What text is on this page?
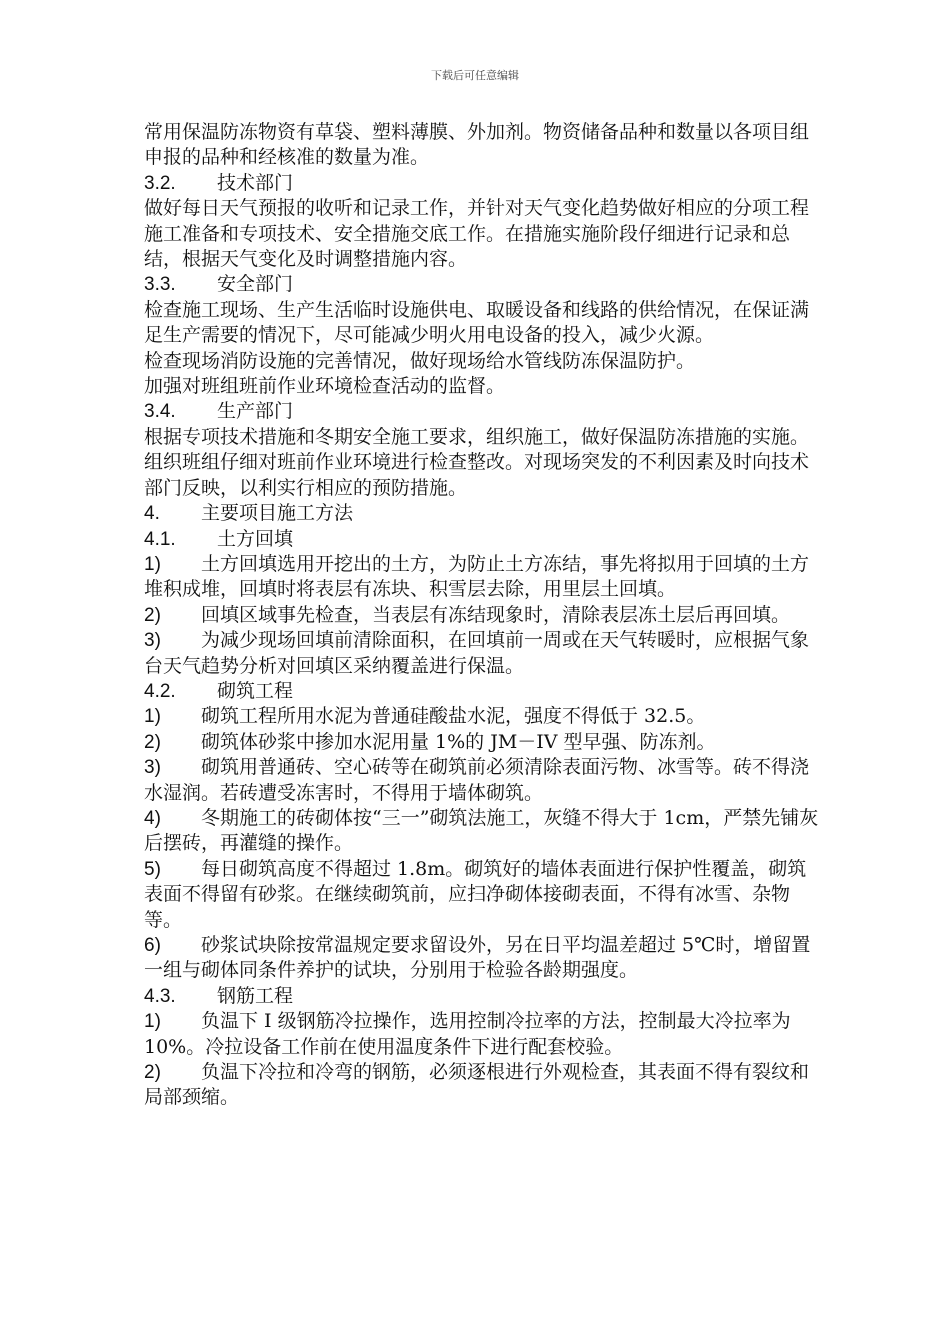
下载后可任意编辑

常用保温防冻物资有草袋、塑料薄膜、外加剂。物资储备品种和数量以各项目组申报的品种和经核准的数量为准。

3.2. 技术部门

做好每日天气预报的收听和记录工作，并针对天气变化趋势做好相应的分项工程施工准备和专项技术、安全措施交底工作。在措施实施阶段仔细进行记录和总结，根据天气变化及时调整措施内容。

3.3. 安全部门

检查施工现场、生产生活临时设施供电、取暖设备和线路的供给情况，在保证满足生产需要的情况下，尽可能减少明火用电设备的投入，减少火源。

检查现场消防设施的完善情况，做好现场给水管线防冻保温防护。

加强对班组班前作业环境检查活动的监督。

3.4. 生产部门

根据专项技术措施和冬期安全施工要求，组织施工，做好保温防冻措施的实施。

组织班组仔细对班前作业环境进行检查整改。对现场突发的不利因素及时向技术部门反映，以利实行相应的预防措施。

4. 主要项目施工方法

4.1. 土方回填

1) 土方回填选用开挖出的土方，为防止土方冻结，事先将拟用于回填的土方堆积成堆，回填时将表层有冻块、积雪层去除，用里层土回填。

2) 回填区域事先检查，当表层有冻结现象时，清除表层冻土层后再回填。

3) 为减少现场回填前清除面积，在回填前一周或在天气转暖时，应根据气象台天气趋势分析对回填区采纳覆盖进行保温。

4.2. 砌筑工程

1) 砌筑工程所用水泥为普通硅酸盐水泥，强度不得低于 32.5。

2) 砌筑体砂浆中掺加水泥用量 1%的 JM－IV 型早强、防冻剂。

3) 砌筑用普通砖、空心砖等在砌筑前必须清除表面污物、冰雪等。砖不得浇水湿润。若砖遭受冻害时，不得用于墙体砌筑。

4) 冬期施工的砖砌体按“三一”砌筑法施工，灰缝不得大于 1cm，严禁先铺灰后摆砖，再灌缝的操作。

5) 每日砌筑高度不得超过 1.8m。砌筑好的墙体表面进行保护性覆盖，砌筑表面不得留有砂浆。在继续砌筑前，应扫净砌体接砌表面，不得有冰雪、杂物等。

6) 砂浆试块除按常温规定要求留设外，另在日平均温差超过 5℃时，增留置一组与砌体同条件养护的试块，分别用于检验各龄期强度。

4.3. 钢筋工程

1) 负温下 I 级钢筋冷拉操作，选用控制冷拉率的方法，控制最大冷拉率为 10%。冷拉设备工作前在使用温度条件下进行配套校验。

2) 负温下冷拉和冷弯的钢筋，必须逐根进行外观检查，其表面不得有裂纹和局部颈缩。
